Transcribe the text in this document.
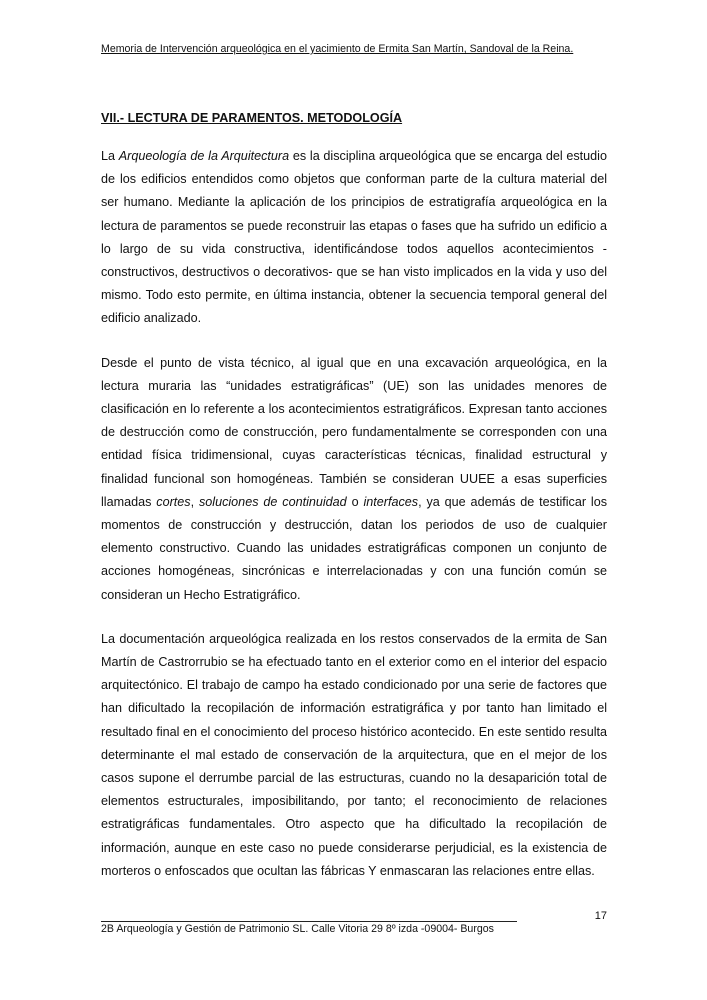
Memoria de Intervención arqueológica en el yacimiento de Ermita San Martín, Sandoval de la Reina.
VII.- LECTURA DE PARAMENTOS. METODOLOGÍA

La Arqueología de la Arquitectura es la disciplina arqueológica que se encarga del estudio de los edificios entendidos como objetos que conforman parte de la cultura material del ser humano. Mediante la aplicación de los principios de estratigrafía arqueológica en la lectura de paramentos se puede reconstruir las etapas o fases que ha sufrido un edificio a lo largo de su vida constructiva, identificándose todos aquellos acontecimientos -constructivos, destructivos o decorativos- que se han visto implicados en la vida y uso del mismo. Todo esto permite, en última instancia, obtener la secuencia temporal general del edificio analizado.

Desde el punto de vista técnico, al igual que en una excavación arqueológica, en la lectura muraria las “unidades estratigráficas” (UE) son las unidades menores de clasificación en lo referente a los acontecimientos estratigráficos. Expresan tanto acciones de destrucción como de construcción, pero fundamentalmente se corresponden con una entidad física tridimensional, cuyas características técnicas, finalidad estructural y finalidad funcional son homogéneas. También se consideran UUEE a esas superficies llamadas cortes, soluciones de continuidad o interfaces, ya que además de testificar los momentos de construcción y destrucción, datan los periodos de uso de cualquier elemento constructivo. Cuando las unidades estratigráficas componen un conjunto de acciones homogéneas, sincrónicas e interrelacionadas y con una función común se consideran un Hecho Estratigráfico.

La documentación arqueológica realizada en los restos conservados de la ermita de San Martín de Castrorrubio se ha efectuado tanto en el exterior como en el interior del espacio arquitectónico. El trabajo de campo ha estado condicionado por una serie de factores que han dificultado la recopilación de información estratigráfica y por tanto han limitado el resultado final en el conocimiento del proceso histórico acontecido. En este sentido resulta determinante el mal estado de conservación de la arquitectura, que en el mejor de los casos supone el derrumbe parcial de las estructuras, cuando no la desaparición total de elementos estructurales, imposibilitando, por tanto; el reconocimiento de relaciones estratigráficas fundamentales. Otro aspecto que ha dificultado la recopilación de información, aunque en este caso no puede considerarse perjudicial, es la existencia de morteros o enfoscados que ocultan las fábricas Y enmascaran las relaciones entre ellas.

17
2B Arqueología y Gestión de Patrimonio SL. Calle Vitoria 29 8º izda -09004- Burgos
